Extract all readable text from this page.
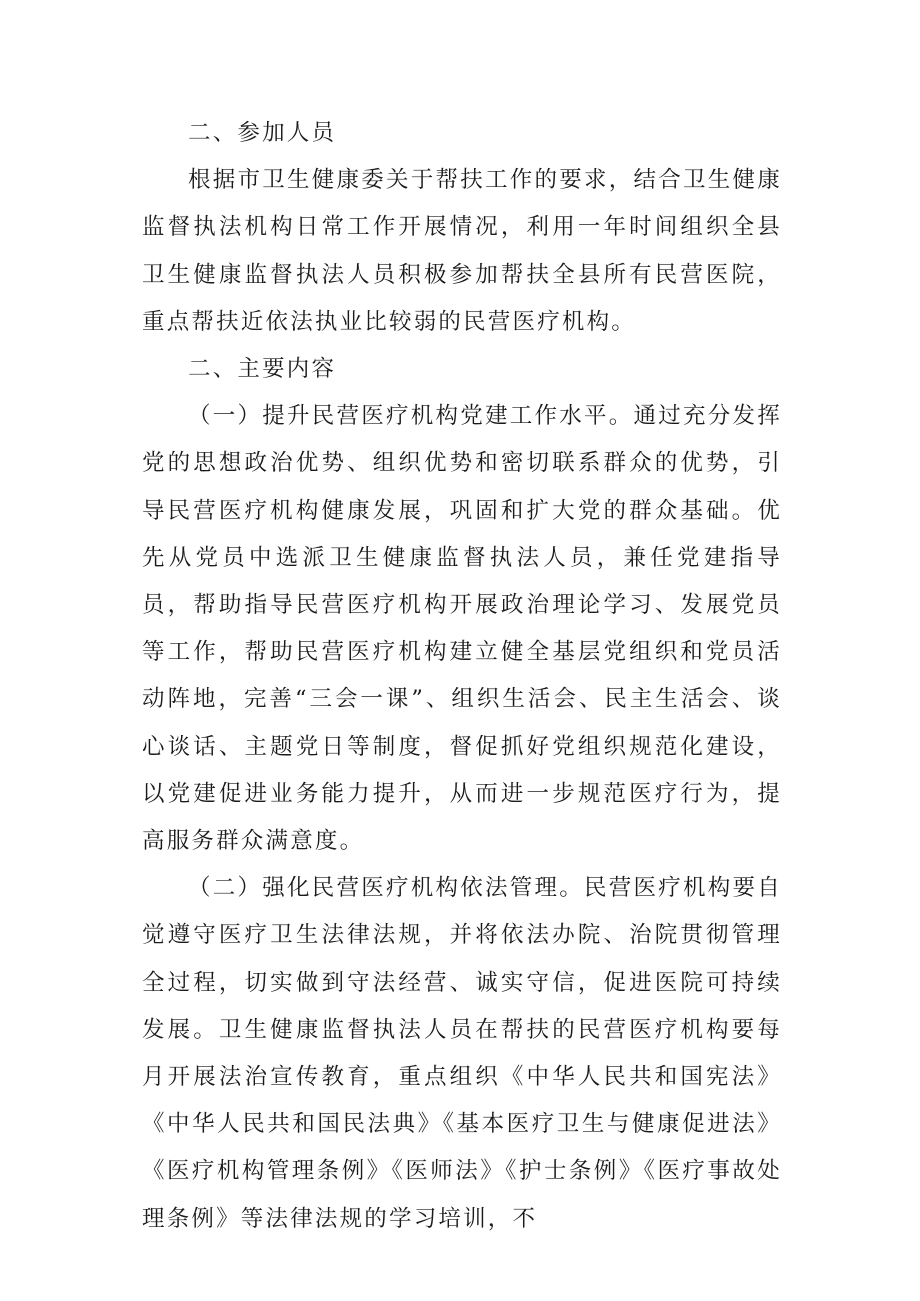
二、参加人员

根据市卫生健康委关于帮扶工作的要求，结合卫生健康监督执法机构日常工作开展情况，利用一年时间组织全县卫生健康监督执法人员积极参加帮扶全县所有民营医院，重点帮扶近依法执业比较弱的民营医疗机构。

二、主要内容

（一）提升民营医疗机构党建工作水平。通过充分发挥党的思想政治优势、组织优势和密切联系群众的优势，引导民营医疗机构健康发展，巩固和扩大党的群众基础。优先从党员中选派卫生健康监督执法人员，兼任党建指导员，帮助指导民营医疗机构开展政治理论学习、发展党员等工作，帮助民营医疗机构建立健全基层党组织和党员活动阵地，完善“三会一课”、组织生活会、民主生活会、谈心谈话、主题党日等制度，督促抓好党组织规范化建设，以党建促进业务能力提升，从而进一步规范医疗行为，提高服务群众满意度。

（二）强化民营医疗机构依法管理。民营医疗机构要自觉遵守医疗卫生法律法规，并将依法办院、治院贯彻管理全过程，切实做到守法经营、诚实守信，促进医院可持续发展。卫生健康监督执法人员在帮扶的民营医疗机构要每月开展法治宣传教育，重点组织《中华人民共和国宪法》《中华人民共和国民法典》《基本医疗卫生与健康促进法》《医疗机构管理条例》《医师法》《护士条例》《医疗事故处理条例》等法律法规的学习培训，不
